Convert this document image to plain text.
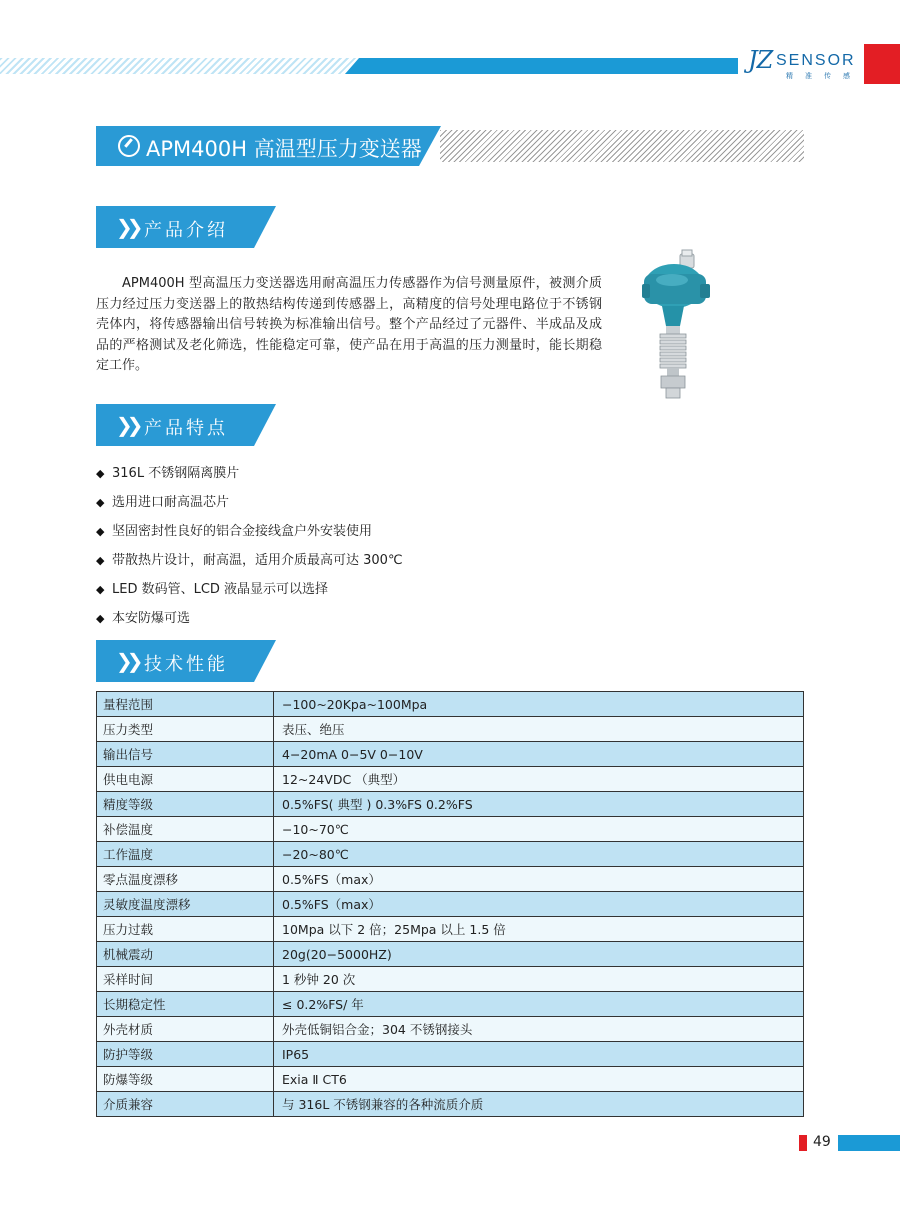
JZ SENSOR
精准传感
APM400H 高温型压力变送器
❯❯ 产品介绍

APM400H 型高温压力变送器选用耐高温压力传感器作为信号测量原件，被测介质压力经过压力变送器上的散热结构传递到传感器上，高精度的信号处理电路位于不锈钢壳体内，将传感器输出信号转换为标准输出信号。整个产品经过了元器件、半成品及成品的严格测试及老化筛选，性能稳定可靠，使产品在用于高温的压力测量时，能长期稳定工作。

❯❯ 产品特点
◆ 316L 不锈钢隔离膜片
◆ 选用进口耐高温芯片
◆ 坚固密封性良好的铝合金接线盒户外安装使用
◆ 带散热片设计，耐高温，适用介质最高可达 300℃
◆ LED 数码管、LCD 液晶显示可以选择
◆ 本安防爆可选
❯❯ 技术性能
量程范围	−100~20Kpa~100Mpa
压力类型	表压、绝压
输出信号	4−20mA 0−5V 0−10V
供电电源	12~24VDC （典型）
精度等级	0.5%FS( 典型 ) 0.3%FS 0.2%FS
补偿温度	−10~70℃
工作温度	−20~80℃
零点温度漂移	0.5%FS（max）
灵敏度温度漂移	0.5%FS（max）
压力过载	10Mpa 以下 2 倍；25Mpa 以上 1.5 倍
机械震动	20g(20−5000HZ)
采样时间	1 秒钟 20 次
长期稳定性	≤ 0.2%FS/ 年
外壳材质	外壳低铜铝合金；304 不锈钢接头
防护等级	IP65
防爆等级	Exia Ⅱ CT6
介质兼容	与 316L 不锈钢兼容的各种流质介质
49
